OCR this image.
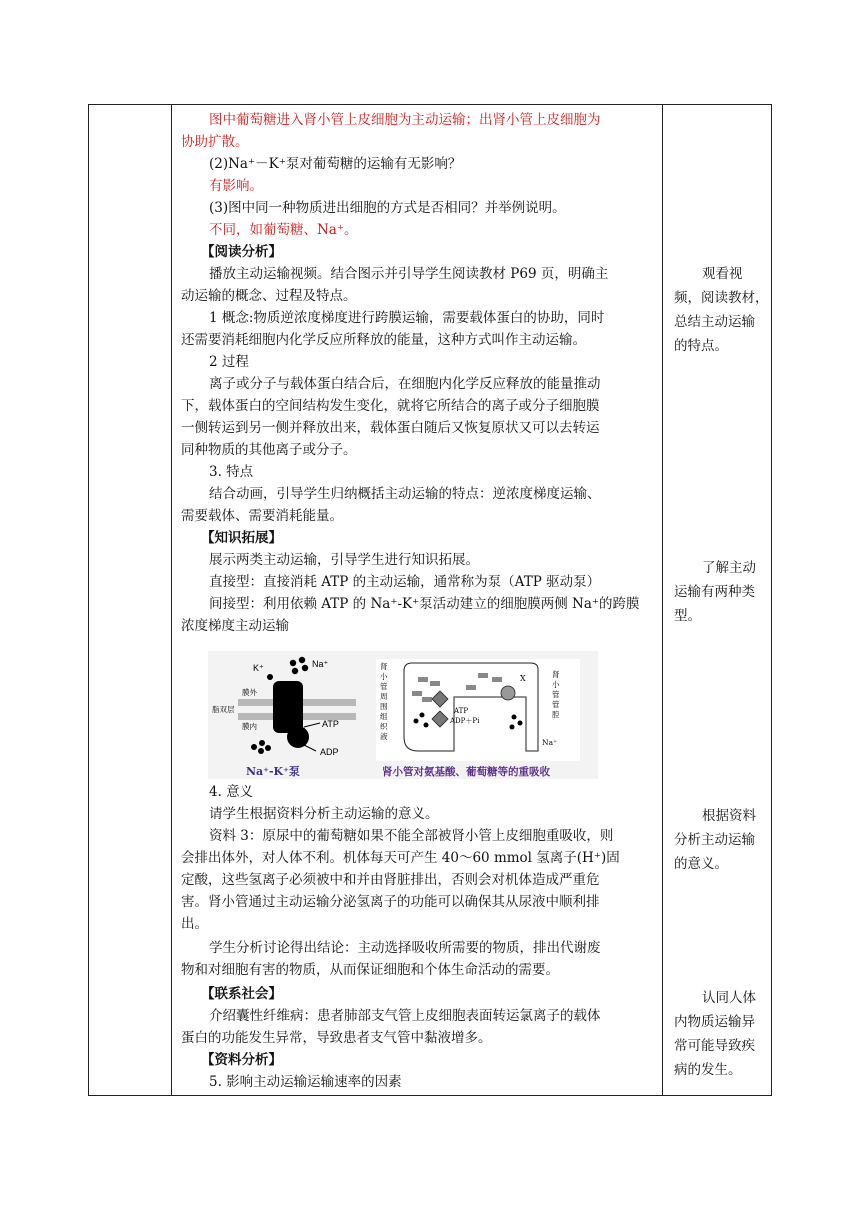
图中葡萄糖进入肾小管上皮细胞为主动运输；出肾小管上皮细胞为
协助扩散。
(2)Na⁺－K⁺泵对葡萄糖的运输有无影响？
有影响。
(3)图中同一种物质进出细胞的方式是否相同？并举例说明。
不同，如葡萄糖、Na⁺。
【阅读分析】
播放主动运输视频。结合图示并引导学生阅读教材 P69 页，明确主
动运输的概念、过程及特点。
1 概念:物质逆浓度梯度进行跨膜运输，需要载体蛋白的协助，同时
还需要消耗细胞内化学反应所释放的能量，这种方式叫作主动运输。
2 过程
离子或分子与载体蛋白结合后，在细胞内化学反应释放的能量推动
下，载体蛋白的空间结构发生变化，就将它所结合的离子或分子细胞膜
一侧转运到另一侧并释放出来，载体蛋白随后又恢复原状又可以去转运
同种物质的其他离子或分子。
3. 特点
结合动画，引导学生归纳概括主动运输的特点：逆浓度梯度运输、
需要载体、需要消耗能量。
【知识拓展】
展示两类主动运输，引导学生进行知识拓展。
直接型：直接消耗 ATP 的主动运输，通常称为泵（ATP 驱动泵）
间接型：利用依赖 ATP 的 Na⁺-K⁺泵活动建立的细胞膜两侧 Na⁺的跨膜
浓度梯度主动运输
4. 意义
请学生根据资料分析主动运输的意义。
资料 3：原尿中的葡萄糖如果不能全部被肾小管上皮细胞重吸收，则
会排出体外，对人体不利。机体每天可产生 40～60 mmol 氢离子(H⁺)固
定酸，这些氢离子必须被中和并由肾脏排出，否则会对机体造成严重危
害。肾小管通过主动运输分泌氢离子的功能可以确保其从尿液中顺利排
出。
学生分析讨论得出结论：主动选择吸收所需要的物质，排出代谢废
物和对细胞有害的物质，从而保证细胞和个体生命活动的需要。
【联系社会】
介绍囊性纤维病：患者肺部支气管上皮细胞表面转运氯离子的载体
蛋白的功能发生异常，导致患者支气管中黏液增多。
【资料分析】
5. 影响主动运输运输速率的因素
观看视
频，阅读教材，
总结主动运输
的特点。
了解主动
运输有两种类
型。
根据资料
分析主动运输
的意义。
认同人体
内物质运输异
常可能导致疾
病的发生。
K⁺	Na⁺
膜外
脂双层
膜内	ATP
ADP
Na⁺-K⁺泵
肾
小
管
周
围
组
织
液
X
ATP
ADP＋Pi
Na⁺
肾
小
管
管
腔
肾小管对氨基酸、葡萄糖等的重吸收
